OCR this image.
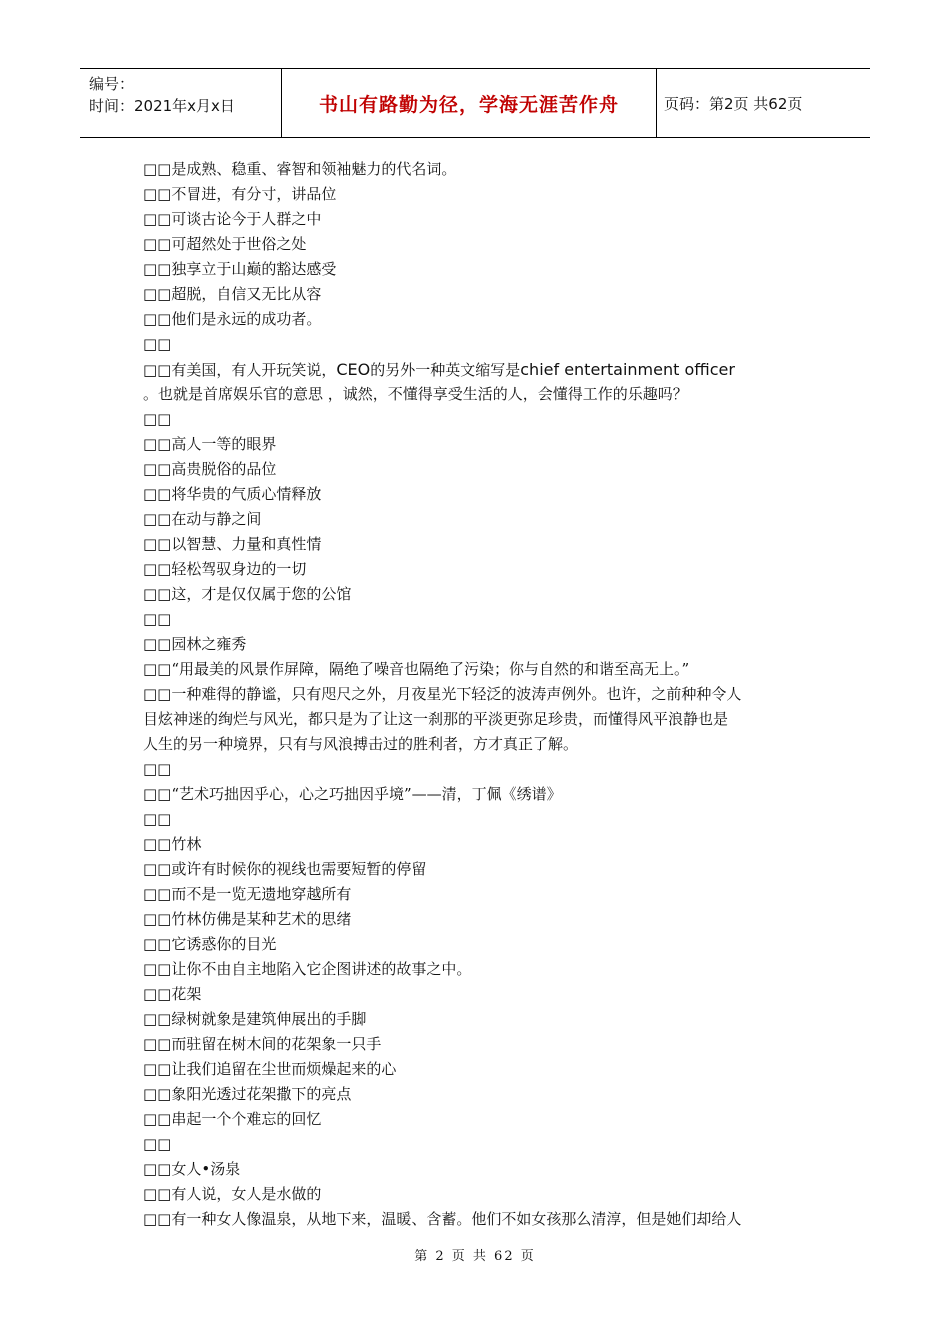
编号：
时间：2021年x月x日	书山有路勤为径，学海无涯苦作舟	页码：第2页 共62页
□□是成熟、稳重、睿智和领袖魅力的代名词。
□□不冒进，有分寸，讲品位
□□可谈古论今于人群之中
□□可超然处于世俗之处
□□独享立于山巅的豁达感受
□□超脱，自信又无比从容
□□他们是永远的成功者。
□□
□□有美国，有人开玩笑说，CEO的另外一种英文缩写是chief entertainment officer
。也就是首席娱乐官的意思 ，诚然，不懂得享受生活的人，会懂得工作的乐趣吗？
□□
□□高人一等的眼界
□□高贵脱俗的品位
□□将华贵的气质心情释放
□□在动与静之间
□□以智慧、力量和真性情
□□轻松驾驭身边的一切
□□这，才是仅仅属于您的公馆
□□
□□园林之雍秀
□□“用最美的风景作屏障，隔绝了噪音也隔绝了污染；你与自然的和谐至高无上。”
□□一种难得的静谧，只有咫尺之外，月夜星光下轻泛的波涛声例外。也许，之前种种令人
目炫神迷的绚烂与风光，都只是为了让这一刹那的平淡更弥足珍贵，而懂得风平浪静也是
人生的另一种境界，只有与风浪搏击过的胜利者，方才真正了解。
□□
□□“艺术巧拙因乎心，心之巧拙因乎境”——清，丁佩《绣谱》
□□
□□竹林
□□或许有时候你的视线也需要短暂的停留
□□而不是一览无遗地穿越所有
□□竹林仿佛是某种艺术的思绪
□□它诱惑你的目光
□□让你不由自主地陷入它企图讲述的故事之中。
□□花架
□□绿树就象是建筑伸展出的手脚
□□而驻留在树木间的花架象一只手
□□让我们追留在尘世而烦燥起来的心
□□象阳光透过花架撒下的亮点
□□串起一个个难忘的回忆
□□
□□女人•汤泉
□□有人说，女人是水做的
□□有一种女人像温泉，从地下来，温暖、含蓄。他们不如女孩那么清淳，但是她们却给人
第 2 页 共 62 页
